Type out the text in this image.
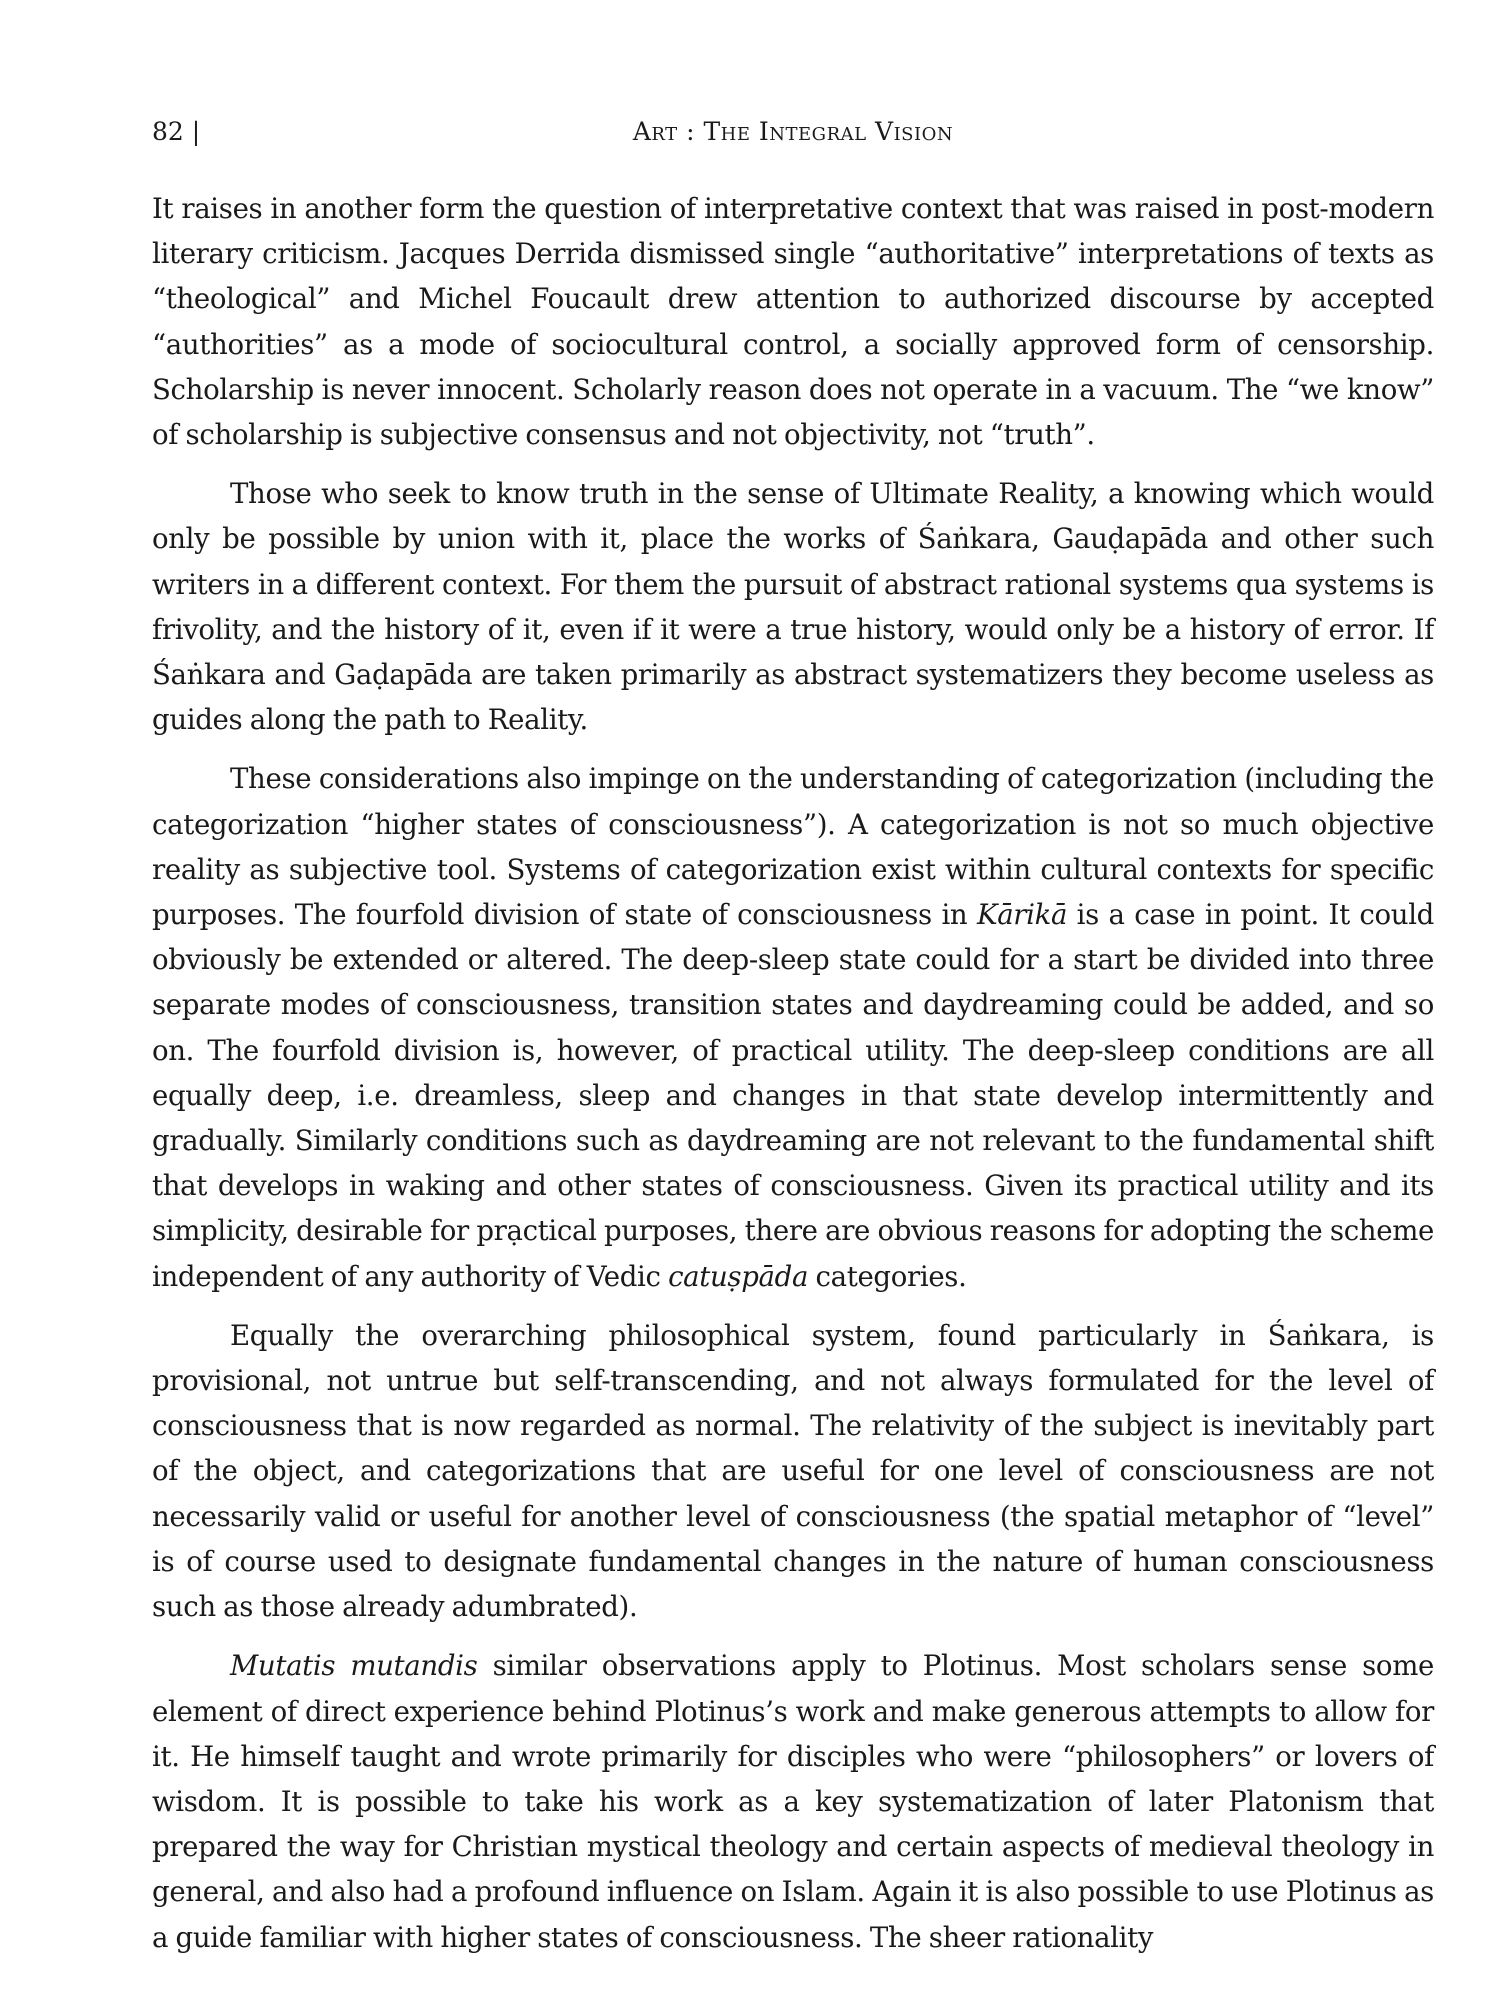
82 |	Art : The Integral Vision

It raises in another form the question of interpretative context that was raised in post-modern literary criticism. Jacques Derrida dismissed single “authoritative” interpretations of texts as “theological” and Michel Foucault drew attention to authorized discourse by accepted “authorities” as a mode of sociocultural control, a socially approved form of censorship. Scholarship is never innocent. Scholarly reason does not operate in a vacuum. The “we know” of scholarship is subjective consensus and not objectivity, not “truth”.

Those who seek to know truth in the sense of Ultimate Reality, a knowing which would only be possible by union with it, place the works of Śaṅkara, Gauḍapāda and other such writers in a different context. For them the pursuit of abstract rational systems qua systems is frivolity, and the history of it, even if it were a true history, would only be a history of error. If Śaṅkara and Gaḍapāda are taken primarily as abstract systematizers they become useless as guides along the path to Reality.

These considerations also impinge on the understanding of categorization (including the categorization “higher states of consciousness”). A categorization is not so much objective reality as subjective tool. Systems of categorization exist within cultural contexts for specific purposes. The fourfold division of state of consciousness in Kārikā is a case in point. It could obviously be extended or altered. The deep-sleep state could for a start be divided into three separate modes of consciousness, transition states and daydreaming could be added, and so on. The fourfold division is, however, of practical utility. The deep-sleep conditions are all equally deep, i.e. dreamless, sleep and changes in that state develop intermittently and gradually. Similarly conditions such as daydreaming are not relevant to the fundamental shift that develops in waking and other states of consciousness. Given its practical utility and its simplicity, desirable for prạctical purposes, there are obvious reasons for adopting the scheme independent of any authority of Vedic catuṣpāda categories.

Equally the overarching philosophical system, found particularly in Śaṅkara, is provisional, not untrue but self-transcending, and not always formulated for the level of consciousness that is now regarded as normal. The relativity of the subject is inevitably part of the object, and categorizations that are useful for one level of consciousness are not necessarily valid or useful for another level of consciousness (the spatial metaphor of “level” is of course used to designate fundamental changes in the nature of human consciousness such as those already adumbrated).

Mutatis mutandis similar observations apply to Plotinus. Most scholars sense some element of direct experience behind Plotinus’s work and make generous attempts to allow for it. He himself taught and wrote primarily for disciples who were “philosophers” or lovers of wisdom. It is possible to take his work as a key systematization of later Platonism that prepared the way for Christian mystical theology and certain aspects of medieval theology in general, and also had a profound influence on Islam. Again it is also possible to use Plotinus as a guide familiar with higher states of consciousness. The sheer rationality
